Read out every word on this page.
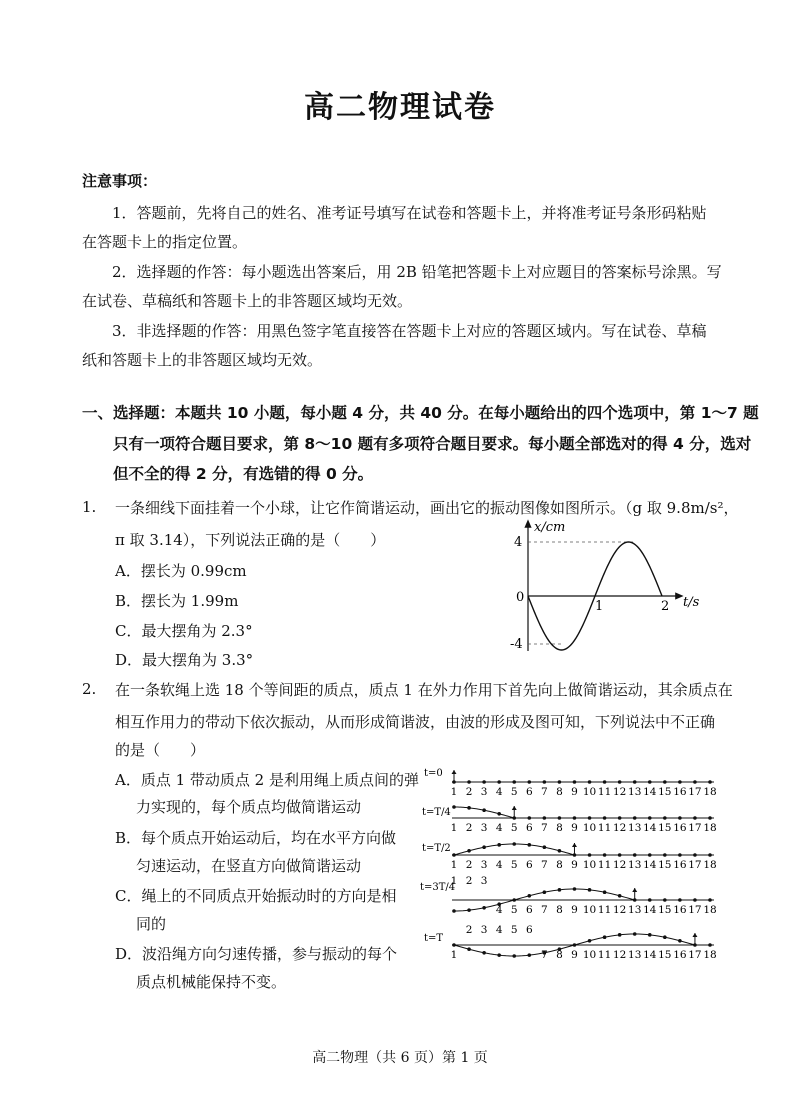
高二物理试卷
注意事项：
1．答题前，先将自己的姓名、准考证号填写在试卷和答题卡上，并将准考证号条形码粘贴
在答题卡上的指定位置。
2．选择题的作答：每小题选出答案后，用 2B 铅笔把答题卡上对应题目的答案标号涂黑。写
在试卷、草稿纸和答题卡上的非答题区域均无效。
3．非选择题的作答：用黑色签字笔直接答在答题卡上对应的答题区域内。写在试卷、草稿
纸和答题卡上的非答题区域均无效。
一、选择题：本题共 10 小题，每小题 4 分，共 40 分。在每小题给出的四个选项中，第 1～7 题
只有一项符合题目要求，第 8～10 题有多项符合题目要求。每小题全部选对的得 4 分，选对
但不全的得 2 分，有选错的得 0 分。
1. 一条细线下面挂着一个小球，让它作简谐运动，画出它的振动图像如图所示。（g 取 9.8m/s²，
π 取 3.14），下列说法正确的是（　　）
A．摆长为 0.99cm
B．摆长为 1.99m
C．最大摆角为 2.3°
D．最大摆角为 3.3°
x/cm
t/s
4
0
-4
1	2
2. 在一条软绳上选 18 个等间距的质点，质点 1 在外力作用下首先向上做简谐运动，其余质点在
相互作用力的带动下依次振动，从而形成简谐波，由波的形成及图可知，下列说法中不正确
的是（　　）
A．质点 1 带动质点 2 是利用绳上质点间的弹
力实现的，每个质点均做简谐运动
B．每个质点开始运动后，均在水平方向做
匀速运动，在竖直方向做简谐运动
C．绳上的不同质点开始振动时的方向是相
同的
D．波沿绳方向匀速传播，参与振动的每个
质点机械能保持不变。
t=0
t=T/4
t=T/2
t=3T/4
t=T
1 2 3 4 5 6 7 8 9 10 11 12 13 14 15 16 17 18
1 2 3 4 5 6 7 8 9 10 11 12 13 14 15 16 17 18
1 2 3 4 5 6 7 8 9 10 11 12 13 14 15 16 17 18
1 2 3
4 5 6 7 8 9 10 11 12 13 14 15 16 17 18
2 3 4 5 6
1	7 8 9 10 11 12 13 14 15 16 17 18
高二物理（共 6 页）第 1 页
